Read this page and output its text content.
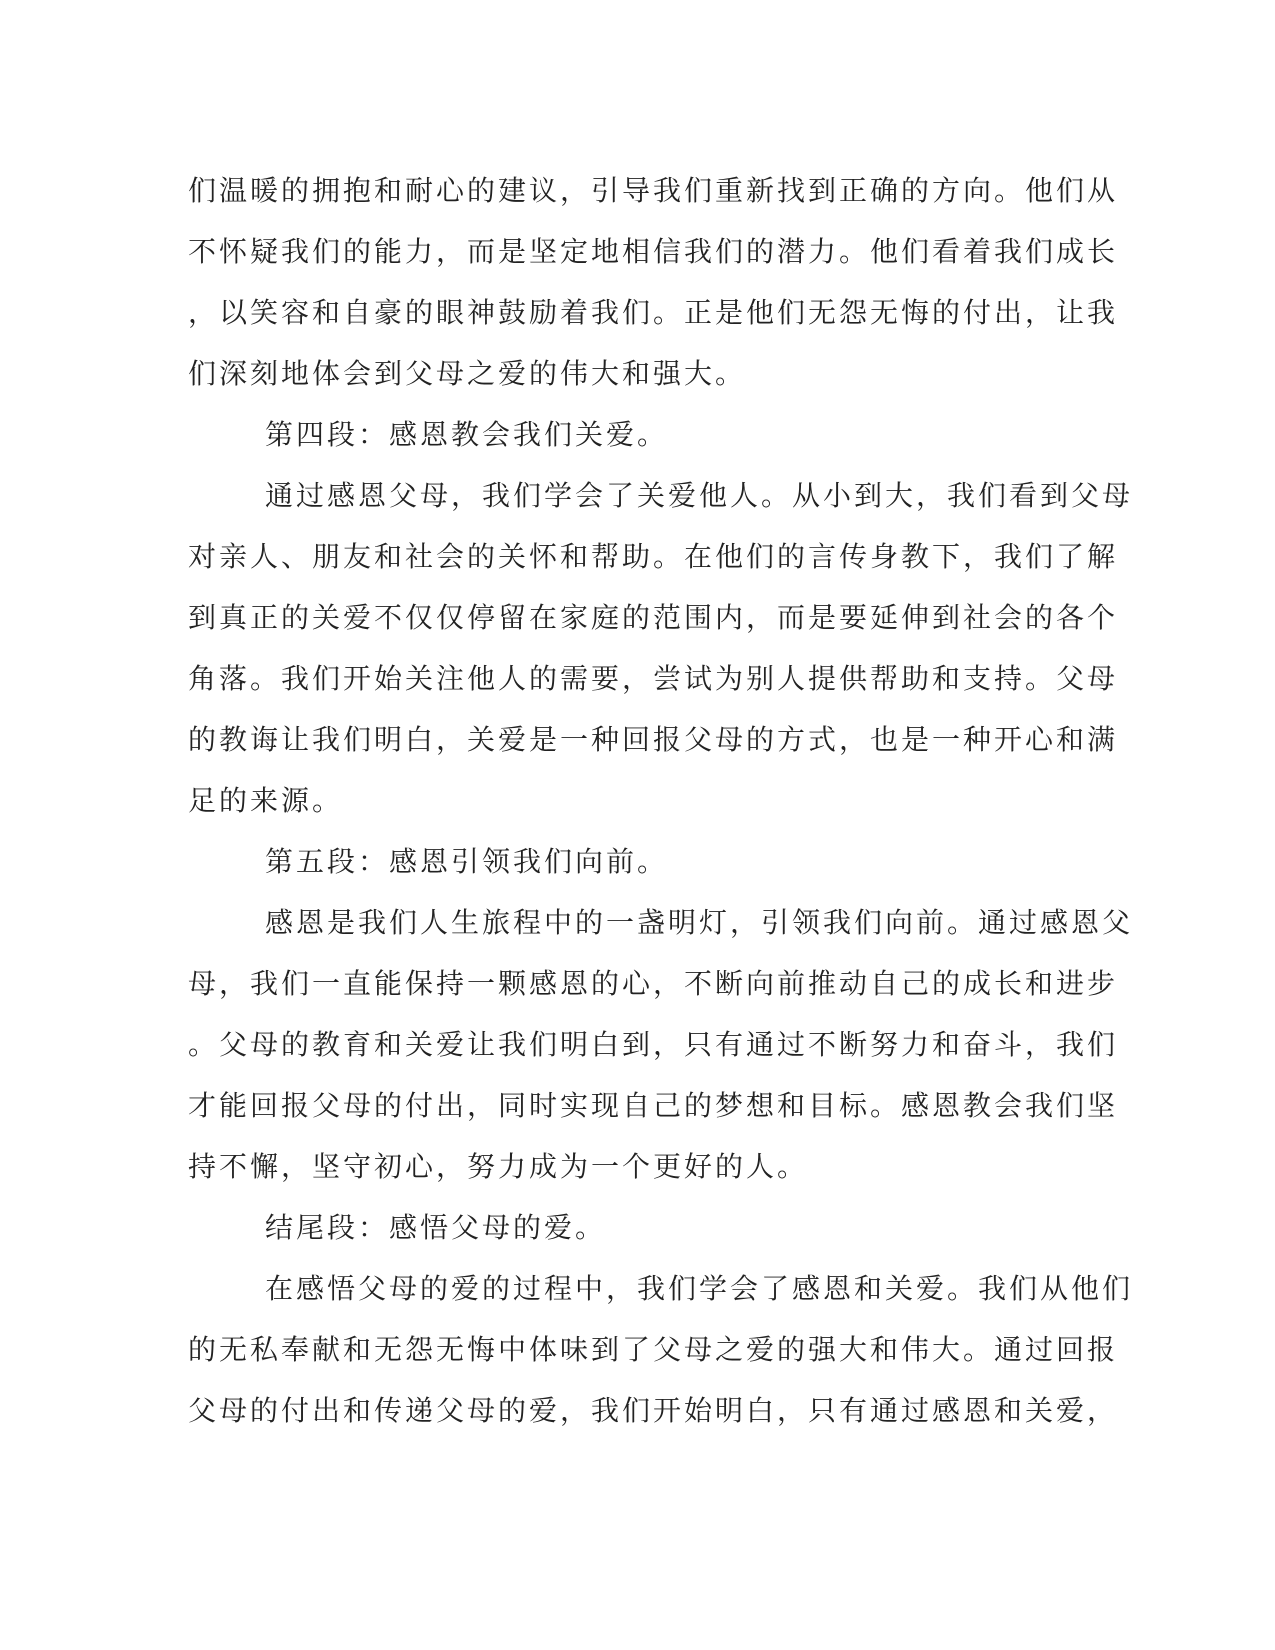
们温暖的拥抱和耐心的建议，引导我们重新找到正确的方向。他们从
不怀疑我们的能力，而是坚定地相信我们的潜力。他们看着我们成长
，以笑容和自豪的眼神鼓励着我们。正是他们无怨无悔的付出，让我
们深刻地体会到父母之爱的伟大和强大。
第四段：感恩教会我们关爱。
通过感恩父母，我们学会了关爱他人。从小到大，我们看到父母
对亲人、朋友和社会的关怀和帮助。在他们的言传身教下，我们了解
到真正的关爱不仅仅停留在家庭的范围内，而是要延伸到社会的各个
角落。我们开始关注他人的需要，尝试为别人提供帮助和支持。父母
的教诲让我们明白，关爱是一种回报父母的方式，也是一种开心和满
足的来源。
第五段：感恩引领我们向前。
感恩是我们人生旅程中的一盏明灯，引领我们向前。通过感恩父
母，我们一直能保持一颗感恩的心，不断向前推动自己的成长和进步
。父母的教育和关爱让我们明白到，只有通过不断努力和奋斗，我们
才能回报父母的付出，同时实现自己的梦想和目标。感恩教会我们坚
持不懈，坚守初心，努力成为一个更好的人。
结尾段：感悟父母的爱。
在感悟父母的爱的过程中，我们学会了感恩和关爱。我们从他们
的无私奉献和无怨无悔中体味到了父母之爱的强大和伟大。通过回报
父母的付出和传递父母的爱，我们开始明白，只有通过感恩和关爱，
